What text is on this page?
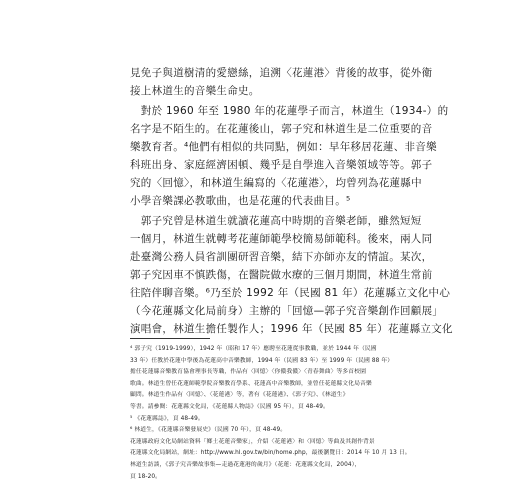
見免子與道樹清的愛戀絲，追溯〈花蓮港〉背後的故事，從外衛
接上林道生的音樂生命史。
　對於 1960 年至 1980 年的花蓮學子而言，林道生（1934-）的
名字是不陌生的。在花蓮後山，郭子究和林道生是二位重要的音
樂教育者。⁴他們有相似的共同點，例如：早年移居花蓮、非音樂
科班出身、家庭經濟困頓、幾乎是自學進入音樂領域等等。郭子
究的〈回憶〉，和林道生編寫的〈花蓮港〉，均曾列為花蓮縣中
小學音樂課必教歌曲，也是花蓮的代表曲目。⁵
　郭子究曾是林道生就讀花蓮高中時期的音樂老師，雖然短短
一個月，林道生就轉考花蓮師範學校簡易師範科。後來，兩人同
赴臺灣公務人員省訓團研習音樂，結下亦師亦友的情誼。某次，
郭子究因車不慎跌傷，在醫院做水療的三個月期間，林道生常前
往陪伴聊音樂。⁶乃至於 1992 年（民國 81 年）花蓮縣立文化中心
（今花蓮縣文化局前身）主辦的「回憶—郭子究音樂創作回顧展」
演唱會，林道生擔任製作人；1996 年（民國 85 年）花蓮縣立文化
⁴ 郭子究（1919-1999），1942 年（昭和 17 年）應聘至花蓮從事教職，並於 1944 年（民國
33 年）任教於花蓮中學後為花蓮高中音樂教師，1994 年（民國 83 年）至 1999 年（民國 88 年）
擔任花蓮縣音樂教育協會理事長等職，作品有〈回憶〉〈你儂我儂〉〈青春舞曲〉等多首校園
歌曲。林道生曾任花蓮師範學院音樂教育學系、花蓮高中音樂教師，並曾任花蓮縣文化局音樂
顧問。林道生作品有〈回憶〉、〈花蓮港〉等，著有《花蓮港》、《郭子究》、《林道生》
等書。請參閱：花蓮縣文化局，《花蓮縣人物誌》（民國 95 年），頁 48-49。
⁵ 《花蓮縣誌》，頁 48-49。
⁶ 林道生，《花蓮縣音樂發展史》（民國 70 年），頁 48-49。
花蓮縣政府文化局網站資料「鄉土花蓮音樂家」，介紹〈花蓮港〉和〈回憶〉等曲及其創作背景
花蓮縣文化局網站，網址：http://www.hl.gov.tw/bin/home.php，最後瀏覽日：2014 年 10 月 13 日。
林道生訪談，《郭子究音樂故事集—走過花蓮港的歲月》（花蓮：花蓮縣文化局，2004），
頁 18-20。
